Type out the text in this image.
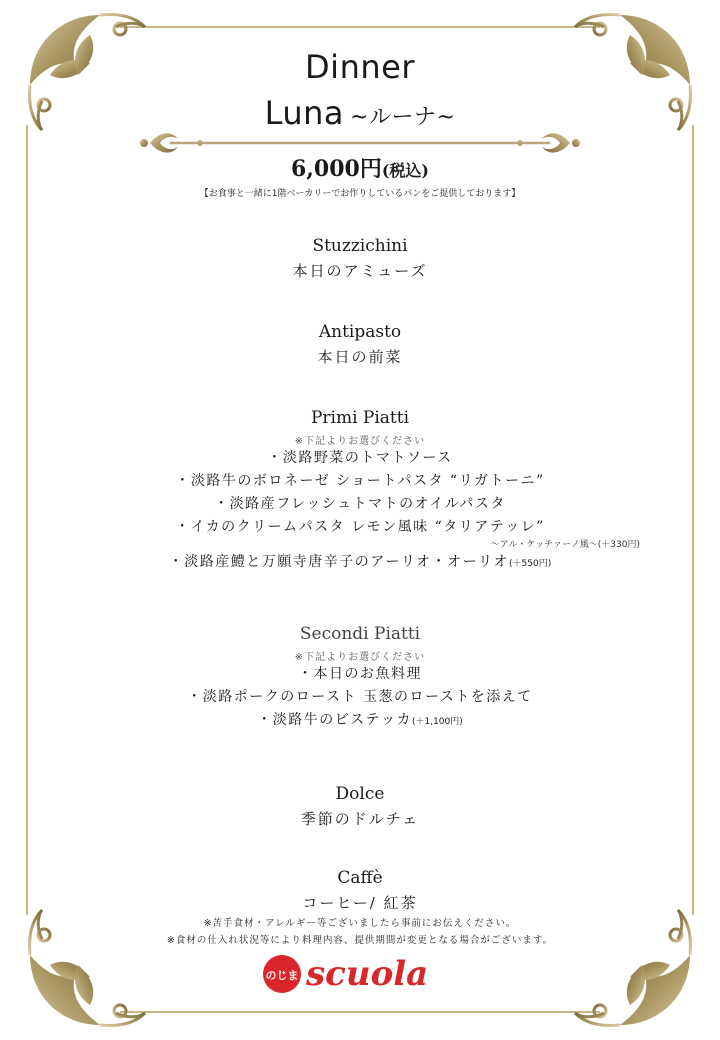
Dinner
Luna ~ルーナ~
6,000円(税込)
【お食事と一緒に1階ベーカリーでお作りしているパンをご提供しております】
Stuzzichini
本日のアミューズ
Antipasto
本日の前菜
Primi Piatti
※下記よりお選びください
・淡路野菜のトマトソース
・淡路牛のボロネーゼ ショートパスタ “リガトーニ”
・淡路産フレッシュトマトのオイルパスタ
・イカのクリームパスタ レモン風味 “タリアテッレ”
〜アル・ケッチァーノ風〜(＋330円)
・淡路産鱧と万願寺唐辛子のアーリオ・オーリオ(＋550円)
Secondi Piatti
※下記よりお選びください
・本日のお魚料理
・淡路ポークのロースト 玉葱のローストを添えて
・淡路牛のビステッカ(＋1,100円)
Dolce
季節のドルチェ
Caffè
コーヒー/ 紅茶
※苦手食材・アレルギー等ございましたら事前にお伝えください。
※食材の仕入れ状況等により料理内容、提供期間が変更となる場合がございます。
のじま scuola
